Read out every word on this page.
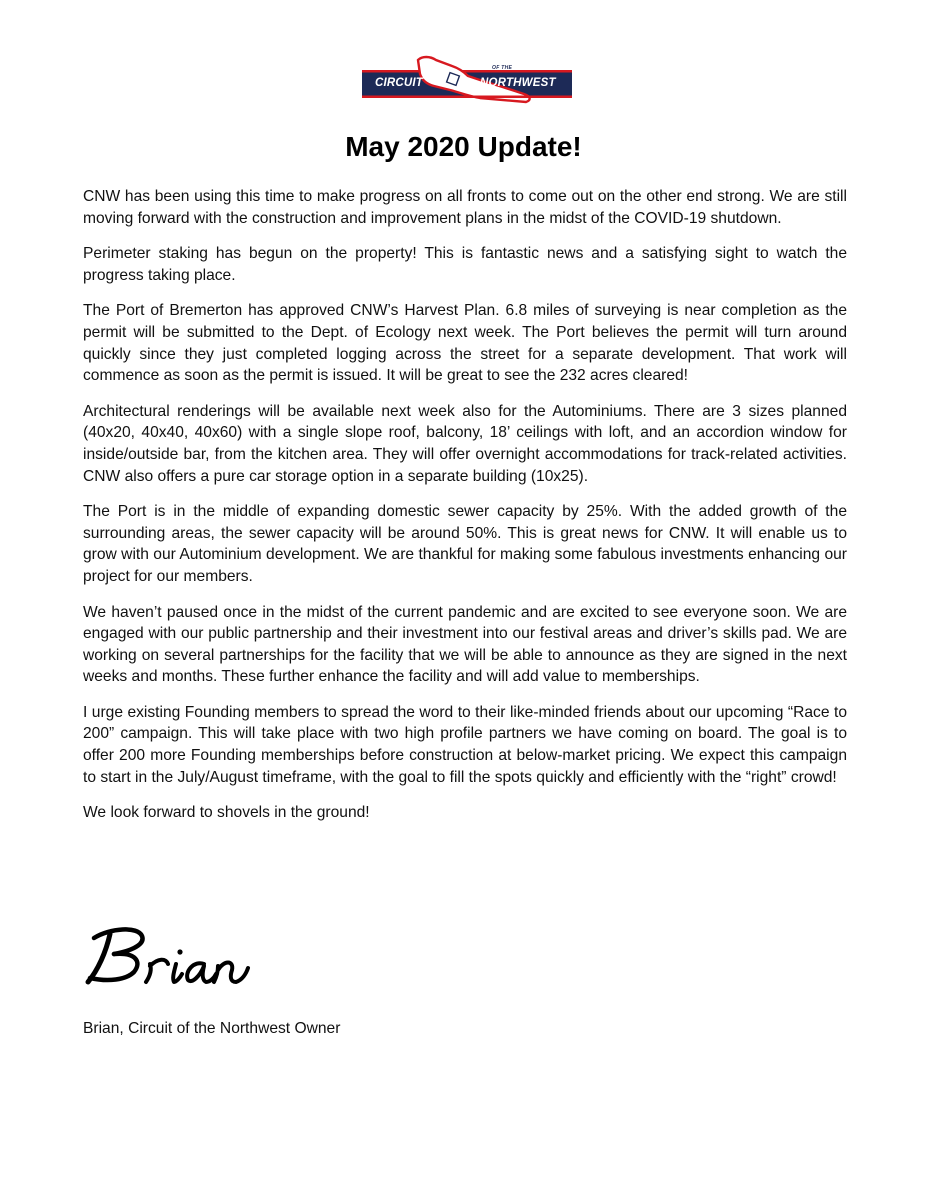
CIRCUIT
OF THE
NORTHWEST
May 2020 Update!

CNW has been using this time to make progress on all fronts to come out on the other end strong. We are still moving forward with the construction and improvement plans in the midst of the COVID-19 shutdown.

Perimeter staking has begun on the property! This is fantastic news and a satisfying sight to watch the progress taking place.

The Port of Bremerton has approved CNW’s Harvest Plan. 6.8 miles of surveying is near completion as the permit will be submitted to the Dept. of Ecology next week. The Port believes the permit will turn around quickly since they just completed logging across the street for a separate development. That work will commence as soon as the permit is issued. It will be great to see the 232 acres cleared!

Architectural renderings will be available next week also for the Autominiums. There are 3 sizes planned (40x20, 40x40, 40x60) with a single slope roof, balcony, 18’ ceilings with loft, and an accordion window for inside/outside bar, from the kitchen area. They will offer overnight accommodations for track-related activities. CNW also offers a pure car storage option in a separate building (10x25).

The Port is in the middle of expanding domestic sewer capacity by 25%. With the added growth of the surrounding areas, the sewer capacity will be around 50%. This is great news for CNW. It will enable us to grow with our Autominium development. We are thankful for making some fabulous investments enhancing our project for our members.

We haven’t paused once in the midst of the current pandemic and are excited to see everyone soon. We are engaged with our public partnership and their investment into our festival areas and driver’s skills pad. We are working on several partnerships for the facility that we will be able to announce as they are signed in the next weeks and months. These further enhance the facility and will add value to memberships.

I urge existing Founding members to spread the word to their like-minded friends about our upcoming “Race to 200” campaign. This will take place with two high profile partners we have coming on board. The goal is to offer 200 more Founding memberships before construction at below-market pricing. We expect this campaign to start in the July/August timeframe, with the goal to fill the spots quickly and efficiently with the “right” crowd!

We look forward to shovels in the ground!

Brian, Circuit of the Northwest Owner
